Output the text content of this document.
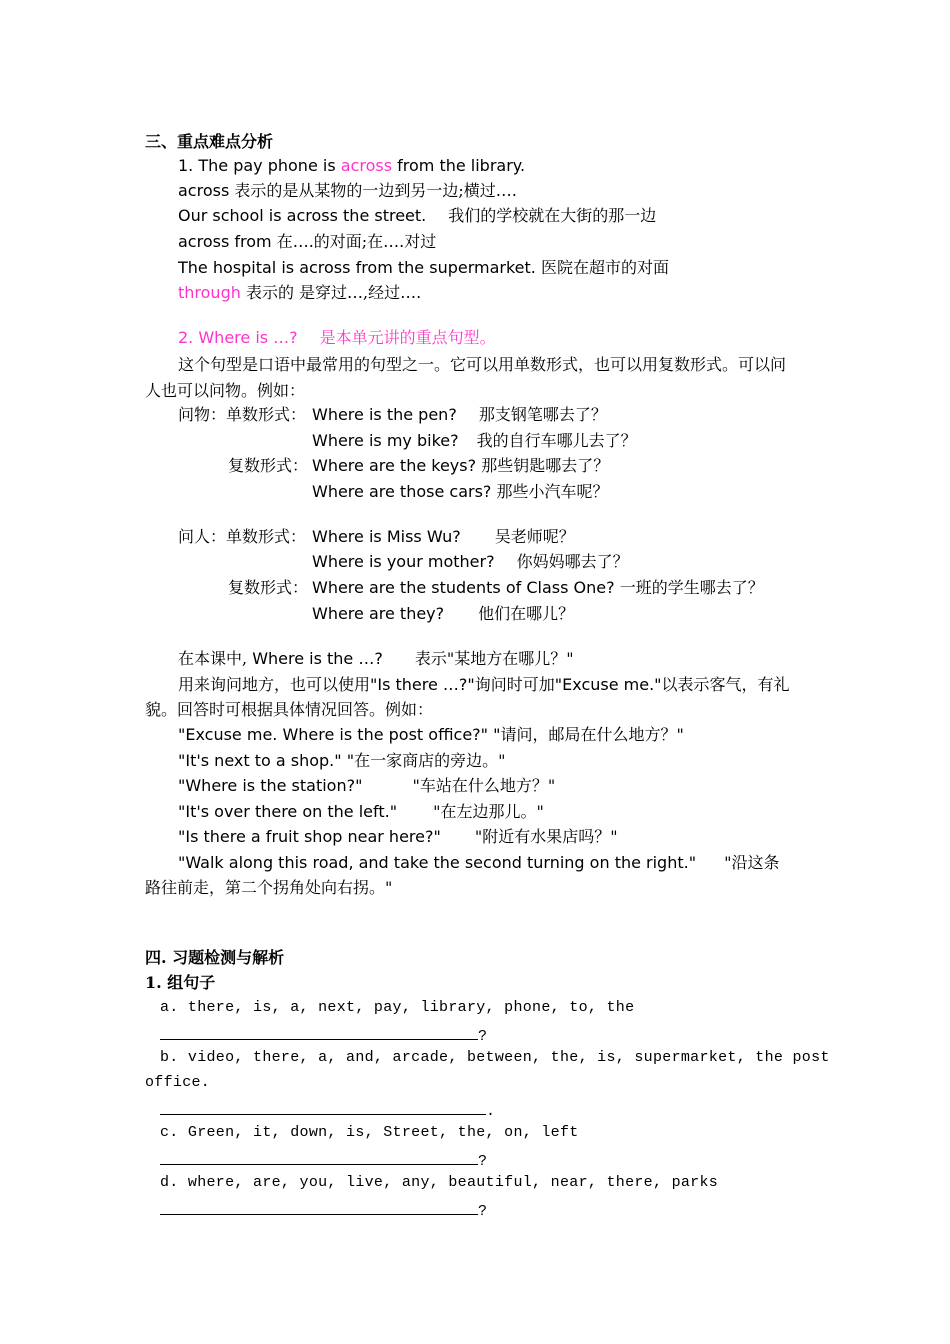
三、重点难点分析
1. The pay phone is across from the library.
across 表示的是从某物的一边到另一边;横过….
Our school is across the street. 我们的学校就在大街的那一边
across from 在….的对面;在….对过
The hospital is across from the supermarket. 医院在超市的对面
through 表示的 是穿过…,经过….
2. Where is …? 是本单元讲的重点句型。
这个句型是口语中最常用的句型之一。它可以用单数形式，也可以用复数形式。可以问
人也可以问物。例如：
问物：单数形式： Where is the pen? 那支钢笔哪去了？
Where is my bike? 我的自行车哪儿去了？
复数形式： Where are the keys? 那些钥匙哪去了？
Where are those cars? 那些小汽车呢？
问人：单数形式： Where is Miss Wu? 吴老师呢？
Where is your mother? 你妈妈哪去了？
复数形式： Where are the students of Class One? 一班的学生哪去了？
Where are they? 他们在哪儿？
在本课中, Where is the …? 表示"某地方在哪儿？"
用来询问地方，也可以使用"Is there …?"询问时可加"Excuse me."以表示客气，有礼
貌。回答时可根据具体情况回答。例如：
"Excuse me. Where is the post office?" "请问，邮局在什么地方？"
"It's next to a shop." "在一家商店的旁边。"
"Where is the station?"	"车站在什么地方？"
"It's over there on the left." "在左边那儿。"
"Is there a fruit shop near here?" "附近有水果店吗？"
"Walk along this road, and take the second turning on the right." "沿这条
路往前走，第二个拐角处向右拐。"
四. 习题检测与解析
1. 组句子
a. there, is, a, next, pay, library, phone, to, the
?
b. video, there, a, and, arcade, between, the, is, supermarket, the post
office.
.
c. Green, it, down, is, Street, the, on, left
?
d. where, are, you, live, any, beautiful, near, there, parks
?
